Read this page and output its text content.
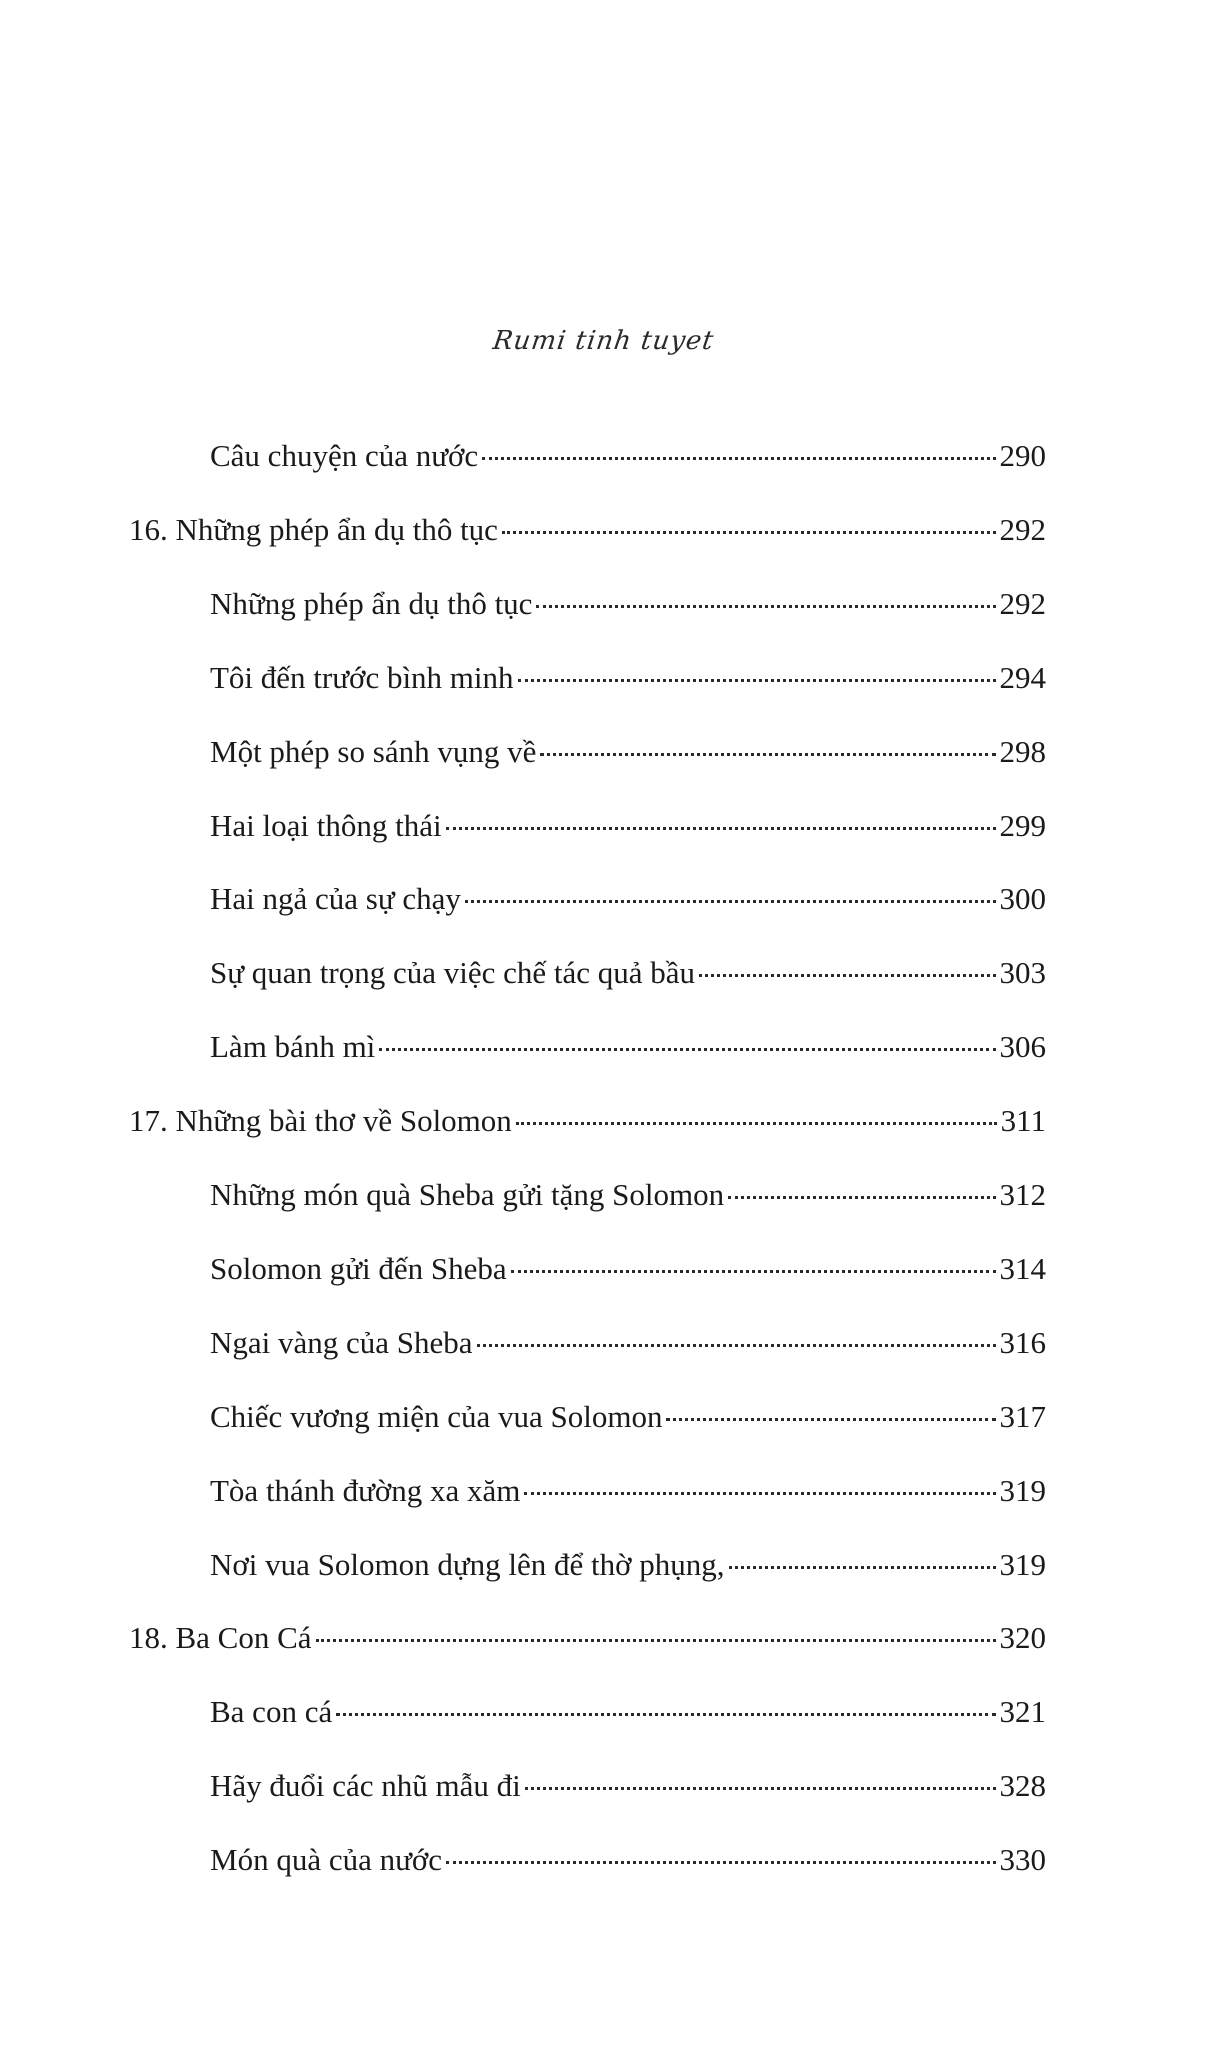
Rumi tinh tuyet
Câu chuyện của nước	290
16. Những phép ẩn dụ thô tục	292
Những phép ẩn dụ thô tục	292
Tôi đến trước bình minh	294
Một phép so sánh vụng về	298
Hai loại thông thái	299
Hai ngả của sự chạy	300
Sự quan trọng của việc chế tác quả bầu	303
Làm bánh mì	306
17. Những bài thơ về Solomon	311
Những món quà Sheba gửi tặng Solomon	312
Solomon gửi đến Sheba	314
Ngai vàng của Sheba	316
Chiếc vương miện của vua Solomon	317
Tòa thánh đường xa xăm	319
Nơi vua Solomon dựng lên để thờ phụng,	319
18. Ba Con Cá	320
Ba con cá	321
Hãy đuổi các nhũ mẫu đi	328
Món quà của nước	330
